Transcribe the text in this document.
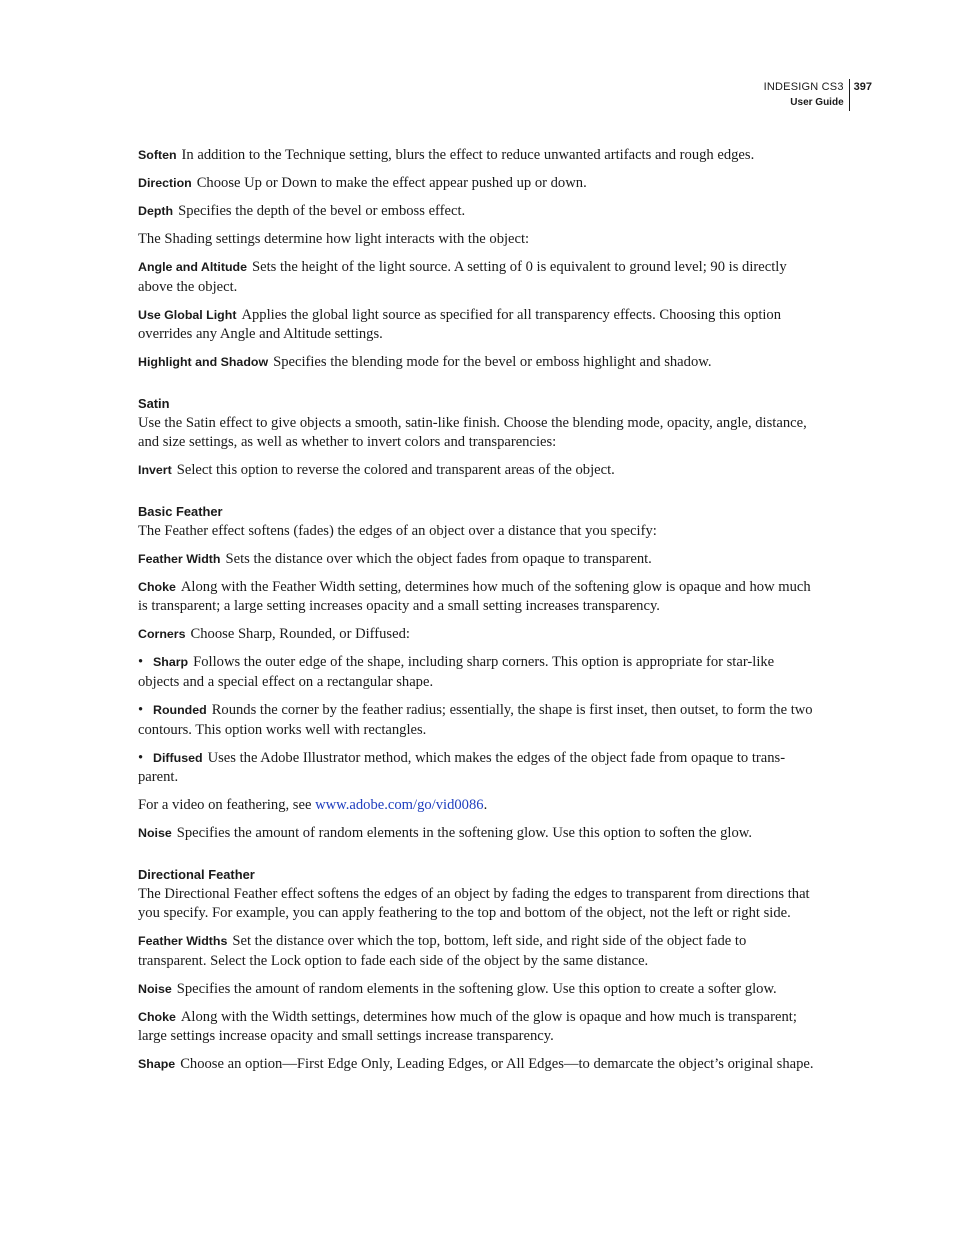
INDESIGN CS3
User Guide
397

Soften In addition to the Technique setting, blurs the effect to reduce unwanted artifacts and rough edges.

Direction Choose Up or Down to make the effect appear pushed up or down.

Depth Specifies the depth of the bevel or emboss effect.

The Shading settings determine how light interacts with the object:

Angle and Altitude Sets the height of the light source. A setting of 0 is equivalent to ground level; 90 is directly above the object.

Use Global Light Applies the global light source as specified for all transparency effects. Choosing this option overrides any Angle and Altitude settings.

Highlight and Shadow Specifies the blending mode for the bevel or emboss highlight and shadow.

Satin

Use the Satin effect to give objects a smooth, satin-like finish. Choose the blending mode, opacity, angle, distance, and size settings, as well as whether to invert colors and transparencies:

Invert Select this option to reverse the colored and transparent areas of the object.

Basic Feather

The Feather effect softens (fades) the edges of an object over a distance that you specify:

Feather Width Sets the distance over which the object fades from opaque to transparent.

Choke Along with the Feather Width setting, determines how much of the softening glow is opaque and how much is transparent; a large setting increases opacity and a small setting increases transparency.

Corners Choose Sharp, Rounded, or Diffused:

• Sharp Follows the outer edge of the shape, including sharp corners. This option is appropriate for star-like objects and a special effect on a rectangular shape.

• Rounded Rounds the corner by the feather radius; essentially, the shape is first inset, then outset, to form the two contours. This option works well with rectangles.

• Diffused Uses the Adobe Illustrator method, which makes the edges of the object fade from opaque to trans-parent.

For a video on feathering, see www.adobe.com/go/vid0086.

Noise Specifies the amount of random elements in the softening glow. Use this option to soften the glow.

Directional Feather

The Directional Feather effect softens the edges of an object by fading the edges to transparent from directions that you specify. For example, you can apply feathering to the top and bottom of the object, not the left or right side.

Feather Widths Set the distance over which the top, bottom, left side, and right side of the object fade to transparent. Select the Lock option to fade each side of the object by the same distance.

Noise Specifies the amount of random elements in the softening glow. Use this option to create a softer glow.

Choke Along with the Width settings, determines how much of the glow is opaque and how much is transparent; large settings increase opacity and small settings increase transparency.

Shape Choose an option—First Edge Only, Leading Edges, or All Edges—to demarcate the object’s original shape.
